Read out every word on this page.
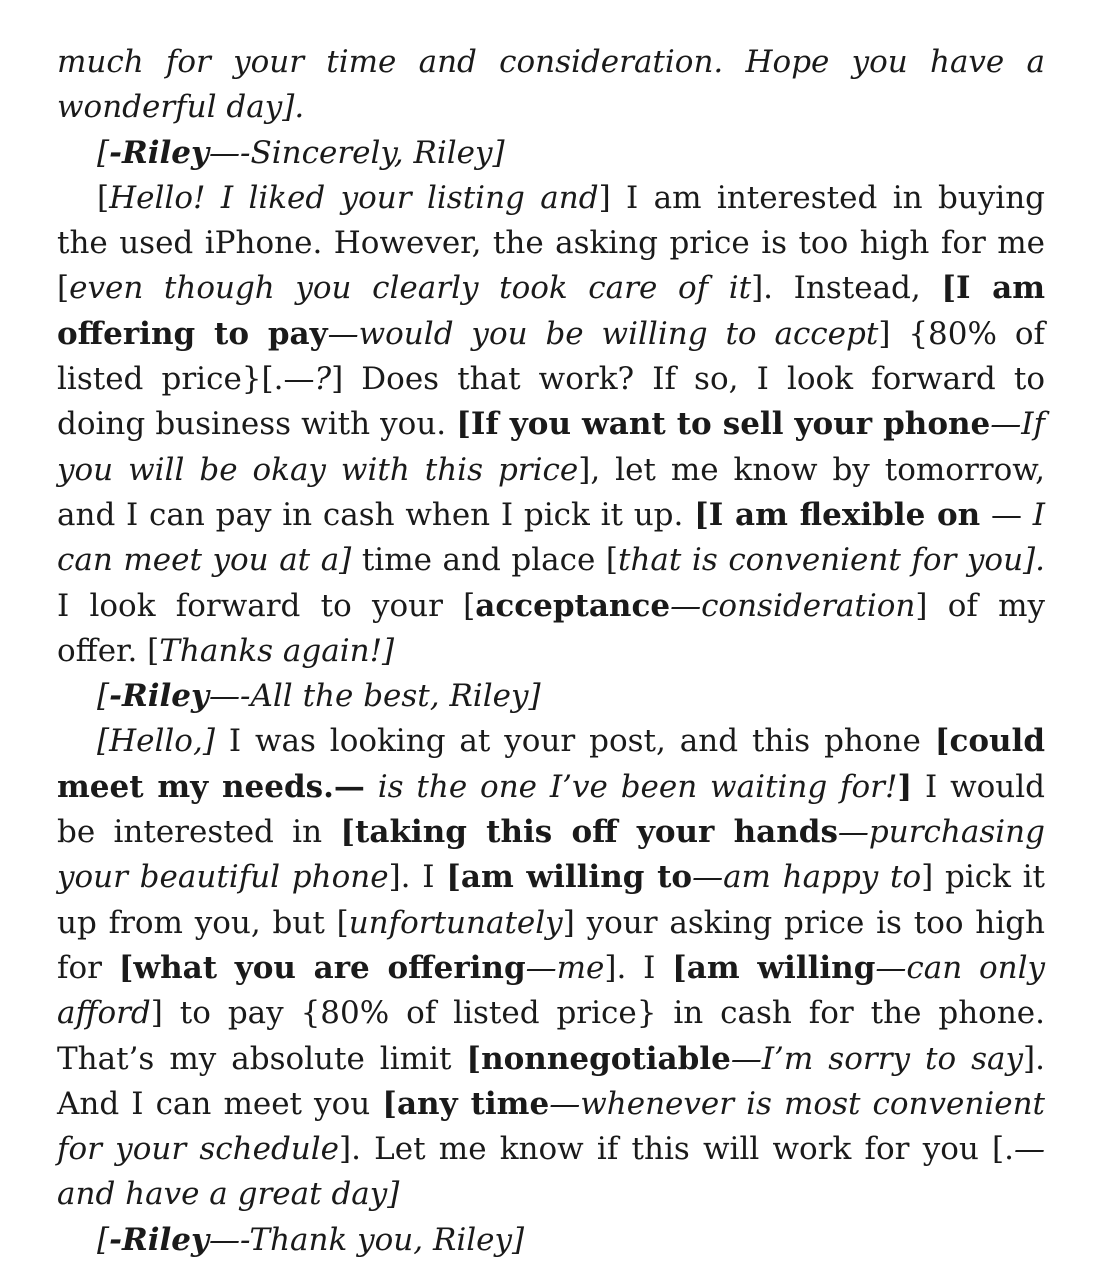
much for your time and consideration. Hope you have a wonderful day].

[-Riley—-Sincerely, Riley]

[Hello! I liked your listing and] I am interested in buying the used iPhone. However, the asking price is too high for me [even though you clearly took care of it]. Instead, [I am offering to pay—would you be willing to accept] {80% of listed price}[.—?] Does that work? If so, I look forward to doing business with you. [If you want to sell your phone—If you will be okay with this price], let me know by tomorrow, and I can pay in cash when I pick it up. [I am flexible on — I can meet you at a] time and place [that is convenient for you]. I look forward to your [acceptance—consideration] of my offer. [Thanks again!]

[-Riley—-All the best, Riley]

[Hello,] I was looking at your post, and this phone [could meet my needs.— is the one I’ve been waiting for!] I would be interested in [taking this off your hands—purchasing your beautiful phone]. I [am willing to—am happy to] pick it up from you, but [unfortunately] your asking price is too high for [what you are offering—me]. I [am willing—can only afford] to pay {80% of listed price} in cash for the phone. That’s my absolute limit [nonnegotiable—I’m sorry to say]. And I can meet you [any time—whenever is most convenient for your schedule]. Let me know if this will work for you [.—and have a great day]

[-Riley—-Thank you, Riley]
